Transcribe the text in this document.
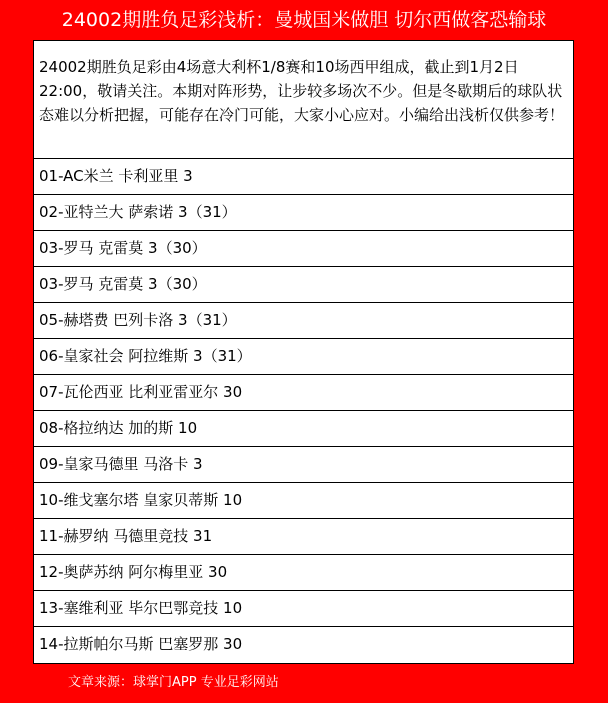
24002期胜负足彩浅析：曼城国米做胆 切尔西做客恐输球
24002期胜负足彩由4场意大利杯1/8赛和10场西甲组成，截止到1月2日22:00，敬请关注。本期对阵形势，让步较多场次不少。但是冬歇期后的球队状态难以分析把握，可能存在冷门可能，大家小心应对。小编给出浅析仅供参考！
01-AC米兰 卡利亚里 3
02-亚特兰大 萨索诺 3（31）
03-罗马 克雷莫 3（30）
03-罗马 克雷莫 3（30）
05-赫塔费 巴列卡洛 3（31）
06-皇家社会 阿拉维斯 3（31）
07-瓦伦西亚 比利亚雷亚尔 30
08-格拉纳达 加的斯 10
09-皇家马德里 马洛卡 3
10-维戈塞尔塔 皇家贝蒂斯 10
11-赫罗纳 马德里竞技 31
12-奥萨苏纳 阿尔梅里亚 30
13-塞维利亚 毕尔巴鄂竞技 10
14-拉斯帕尔马斯 巴塞罗那 30
文章来源：球掌门APP 专业足彩网站
